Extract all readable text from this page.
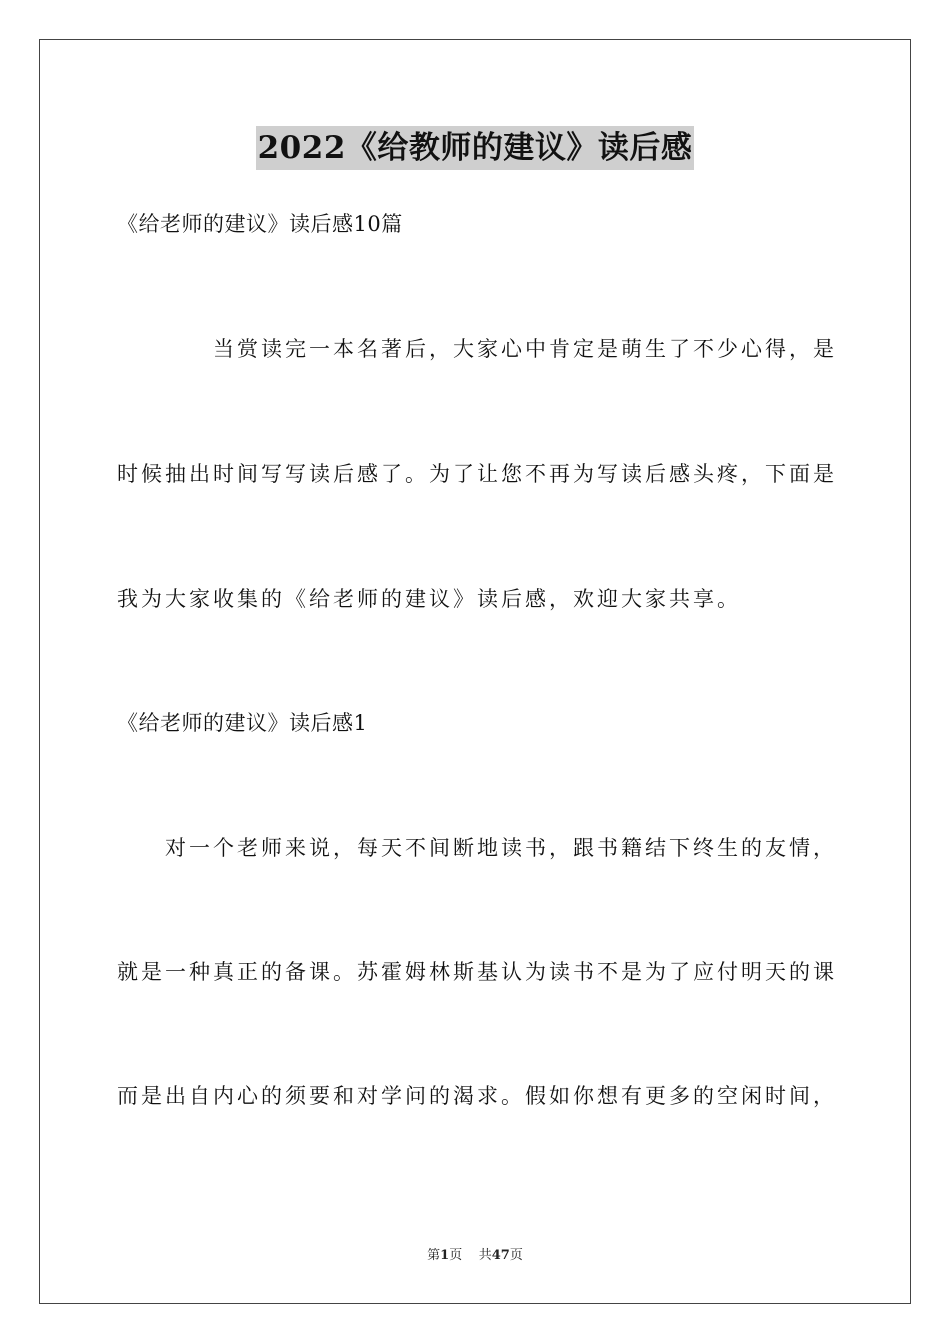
2022《给教师的建议》读后感
《给老师的建议》读后感10篇
当赏读完一本名著后，大家心中肯定是萌生了不少心得，是
时候抽出时间写写读后感了。为了让您不再为写读后感头疼，下面是
我为大家收集的《给老师的建议》读后感，欢迎大家共享。
《给老师的建议》读后感1
对一个老师来说，每天不间断地读书，跟书籍结下终生的友情，
就是一种真正的备课。苏霍姆林斯基认为读书不是为了应付明天的课
而是出自内心的须要和对学问的渴求。假如你想有更多的空闲时间，
第1页 共47页
